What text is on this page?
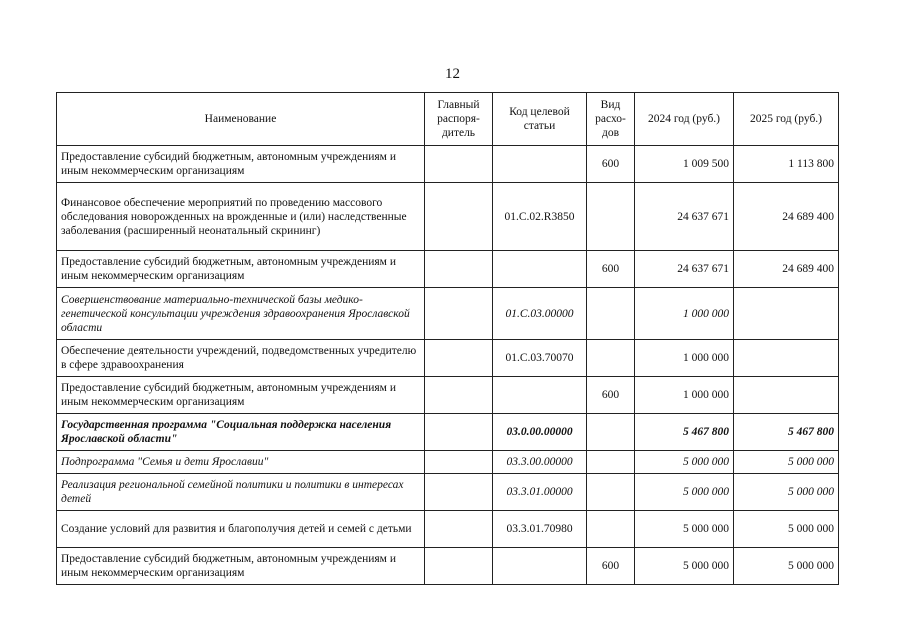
12
Наименование	Главный распоря-дитель	Код целевой статьи	Вид расхо-дов	2024 год (руб.)	2025 год (руб.)
Предоставление субсидий бюджетным, автономным учреждениям и иным некоммерческим организациям			600	1 009 500	1 113 800
Финансовое обеспечение мероприятий по проведению массового обследования новорожденных на врожденные и (или) наследственные заболевания (расширенный неонатальный скрининг)		01.С.02.R3850		24 637 671	24 689 400
Предоставление субсидий бюджетным, автономным учреждениям и иным некоммерческим организациям			600	24 637 671	24 689 400
Совершенствование материально-технической базы медико-генетической консультации учреждения здравоохранения Ярославской области		01.С.03.00000		1 000 000	
Обеспечение деятельности учреждений, подведомственных учредителю в сфере здравоохранения		01.С.03.70070		1 000 000	
Предоставление субсидий бюджетным, автономным учреждениям и иным некоммерческим организациям			600	1 000 000	
Государственная программа "Социальная поддержка населения Ярославской области"		03.0.00.00000		5 467 800	5 467 800
Подпрограмма "Семья и дети Ярославии"		03.3.00.00000		5 000 000	5 000 000
Реализация региональной семейной политики и политики в интересах детей		03.3.01.00000		5 000 000	5 000 000
Создание условий для развития и благополучия детей и семей с детьми		03.3.01.70980		5 000 000	5 000 000
Предоставление субсидий бюджетным, автономным учреждениям и иным некоммерческим организациям			600	5 000 000	5 000 000
